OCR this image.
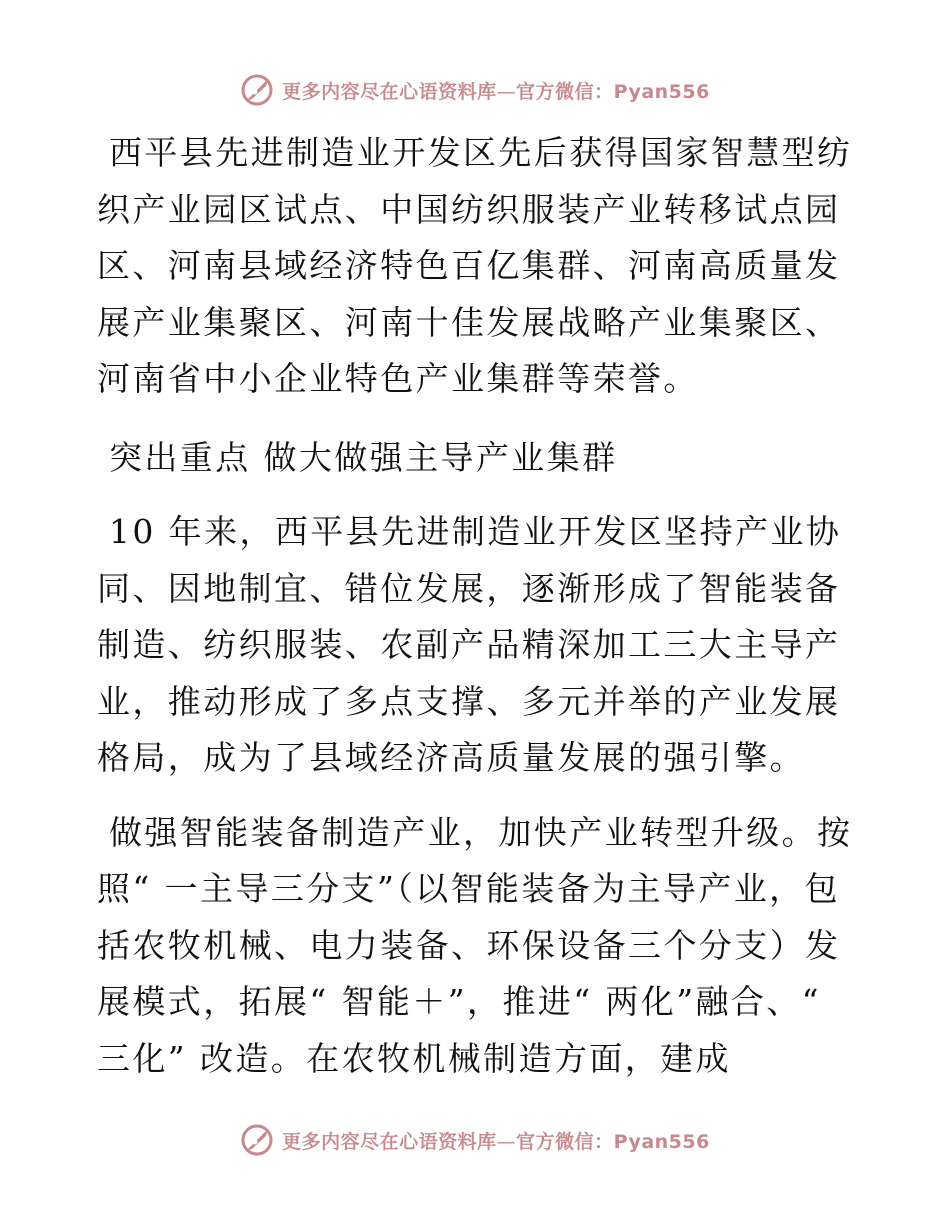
更多内容尽在心语资料库—官方微信：Pyan556

西平县先进制造业开发区先后获得国家智慧型纺织产业园区试点、中国纺织服装产业转移试点园区、河南县域经济特色百亿集群、河南高质量发展产业集聚区、河南十佳发展战略产业集聚区、河南省中小企业特色产业集群等荣誉。

突出重点 做大做强主导产业集群

10 年来，西平县先进制造业开发区坚持产业协同、因地制宜、错位发展，逐渐形成了智能装备制造、纺织服装、农副产品精深加工三大主导产业，推动形成了多点支撑、多元并举的产业发展格局，成为了县域经济高质量发展的强引擎。

做强智能装备制造产业，加快产业转型升级。按照“ 一主导三分支”（以智能装备为主导产业，包括农牧机械、电力装备、环保设备三个分支）发展模式，拓展“ 智能＋”，推进“ 两化”融合、“ 三化” 改造。在农牧机械制造方面，建成

更多内容尽在心语资料库—官方微信：Pyan556
